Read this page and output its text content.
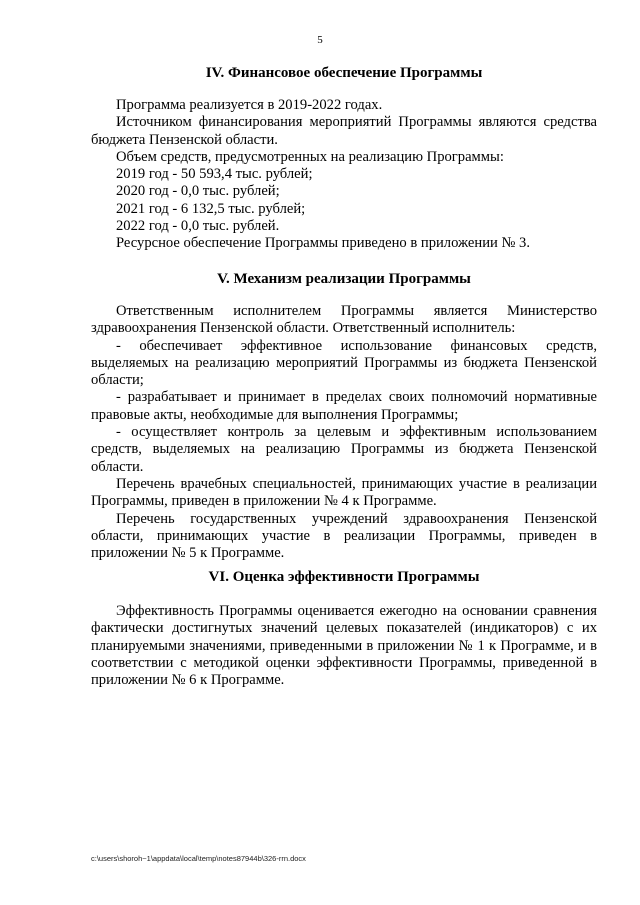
5

IV. Финансовое обеспечение Программы

Программа реализуется в 2019-2022 годах.

Источником финансирования мероприятий Программы являются средства бюджета Пензенской области.

Объем средств, предусмотренных на реализацию Программы:

2019 год - 50 593,4 тыс. рублей;

2020 год - 0,0 тыс. рублей;

2021 год - 6 132,5 тыс. рублей;

2022 год - 0,0 тыс. рублей.

Ресурсное обеспечение Программы приведено в приложении № 3.

V. Механизм реализации Программы

Ответственным исполнителем Программы является Министерство здравоохранения Пензенской области. Ответственный исполнитель:

- обеспечивает эффективное использование финансовых средств, выделяемых на реализацию мероприятий Программы из бюджета Пензенской области;

- разрабатывает и принимает в пределах своих полномочий нормативные правовые акты, необходимые для выполнения Программы;

- осуществляет контроль за целевым и эффективным использованием средств, выделяемых на реализацию Программы из бюджета Пензенской области.

Перечень врачебных специальностей, принимающих участие в реализации Программы, приведен в приложении № 4 к Программе.

Перечень государственных учреждений здравоохранения Пензенской области, принимающих участие в реализации Программы, приведен в приложении № 5 к Программе.

VI. Оценка эффективности Программы

Эффективность Программы оценивается ежегодно на основании сравнения фактически достигнутых значений целевых показателей (индикаторов) с их планируемыми значениями, приведенными в приложении № 1 к Программе, и в соответствии с методикой оценки эффективности Программы, приведенной в приложении № 6 к Программе.

c:\users\shoroh~1\appdata\local\temp\notes87944b\326-rrn.docx
